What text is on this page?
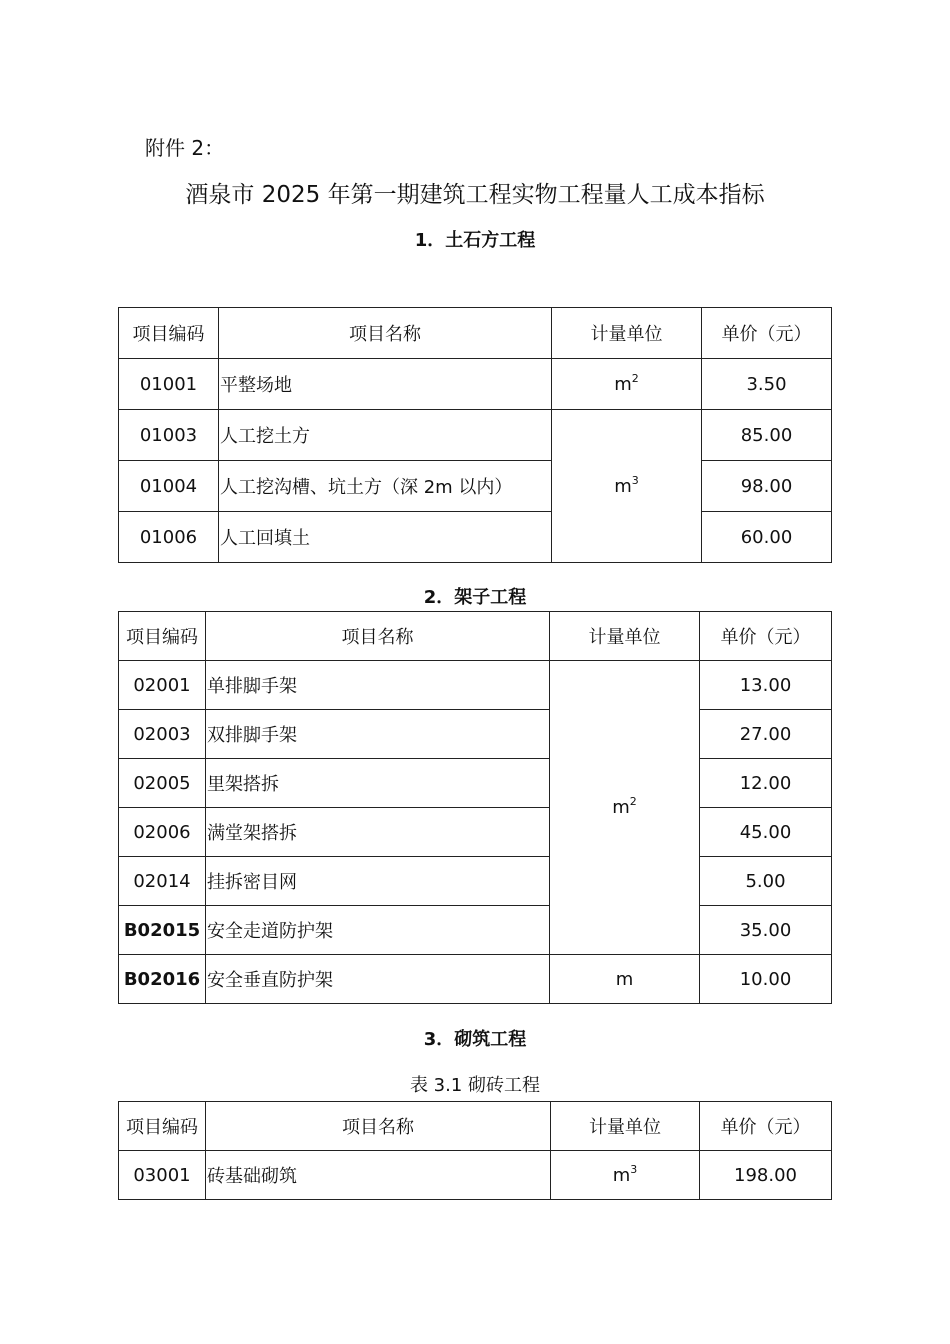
附件 2：
酒泉市 2025 年第一期建筑工程实物工程量人工成本指标
1．土石方工程
项目编码	项目名称	计量单位	单价（元）
01001	平整场地	$m^2$	3.50
01003	人工挖土方	$m^3$	85.00
01004	人工挖沟槽、坑土方（深 2m 以内）		98.00
01006	人工回填土		60.00
2．架子工程
项目编码	项目名称	计量单位	单价（元）
02001	单排脚手架	$m^2$	13.00
02003	双排脚手架		27.00
02005	里架搭拆		12.00
02006	满堂架搭拆		45.00
02014	挂拆密目网		5.00
B02015	安全走道防护架		35.00
B02016	安全垂直防护架	m	10.00
3．砌筑工程
表 3.1 砌砖工程
项目编码	项目名称	计量单位	单价（元）
03001	砖基础砌筑	$m^3$	198.00
